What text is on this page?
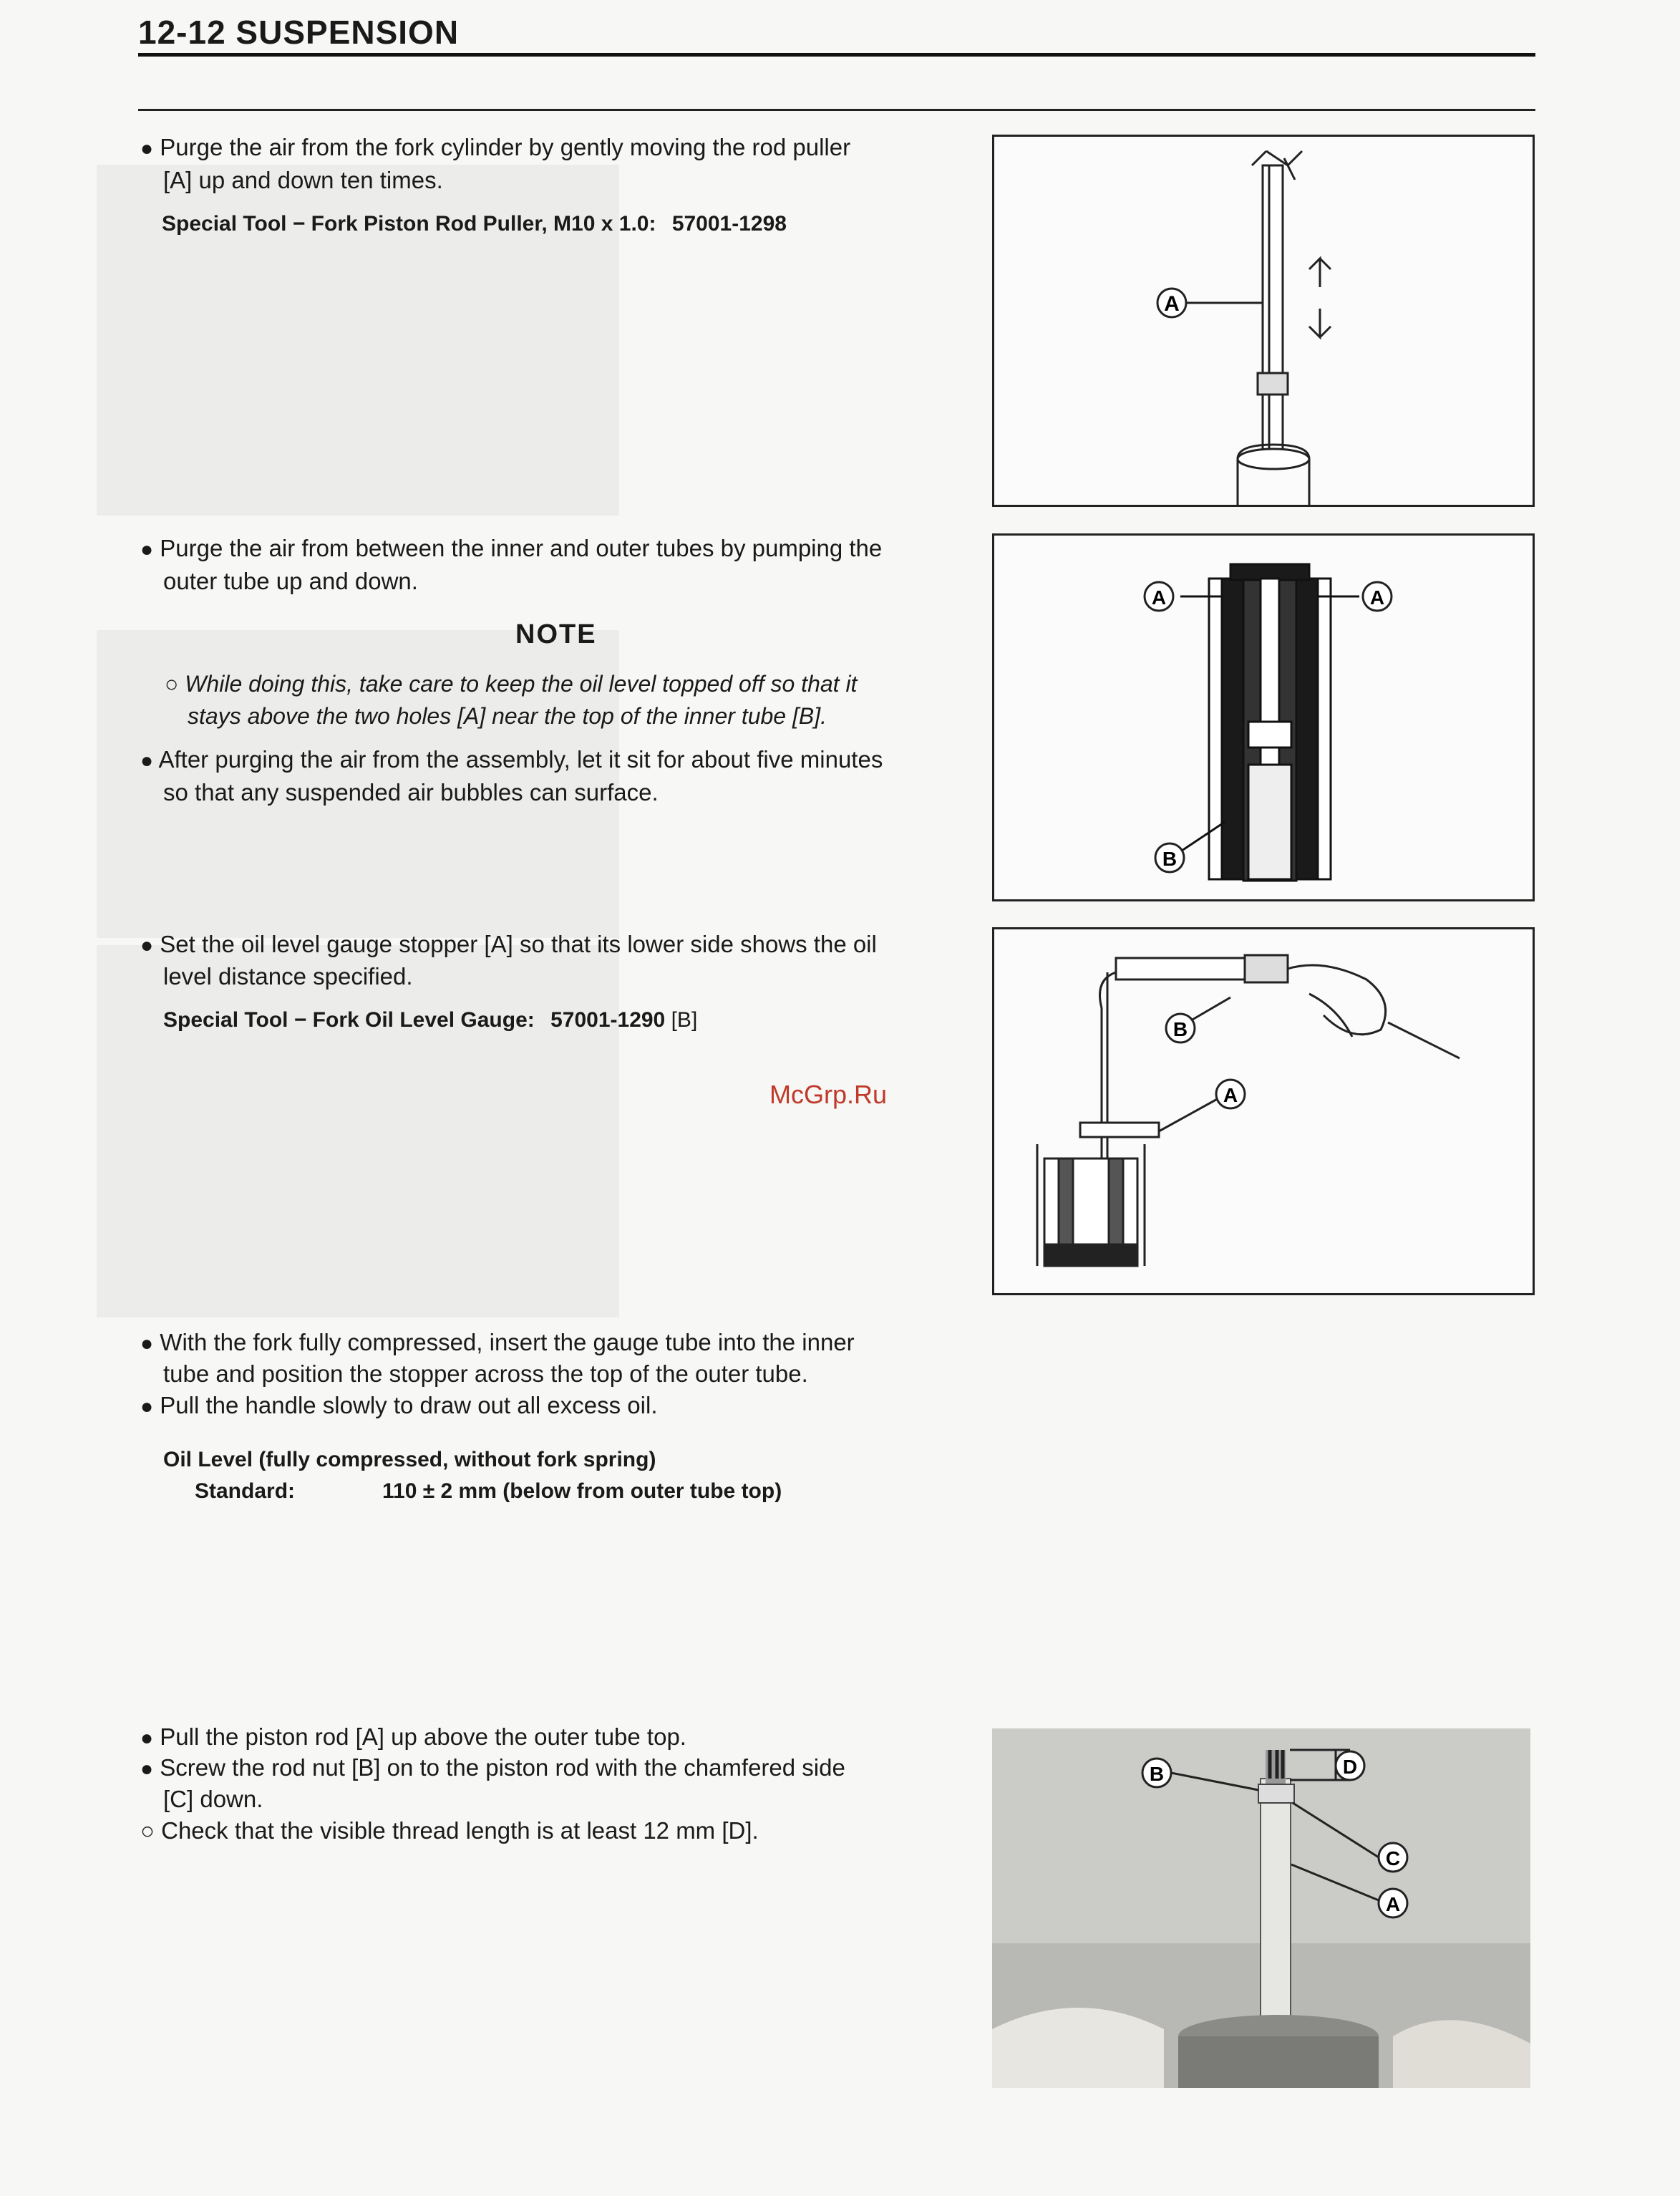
12-12 SUSPENSION
● Purge the air from the fork cylinder by gently moving the rod puller
[A] up and down ten times.
Special Tool − Fork Piston Rod Puller, M10 x 1.0: 57001-1298
A
● Purge the air from between the inner and outer tubes by pumping the
outer tube up and down.
NOTE
○ While doing this, take care to keep the oil level topped off so that it
stays above the two holes [A] near the top of the inner tube [B].
● After purging the air from the assembly, let it sit for about five minutes
so that any suspended air bubbles can surface.
A	A
B
● Set the oil level gauge stopper [A] so that its lower side shows the oil
level distance specified.
Special Tool − Fork Oil Level Gauge: 57001-1290 [B]
McGrp.Ru	A
B
● With the fork fully compressed, insert the gauge tube into the inner
tube and position the stopper across the top of the outer tube.
● Pull the handle slowly to draw out all excess oil.
Oil Level (fully compressed, without fork spring)
Standard:	110 ± 2 mm (below from outer tube top)
● Pull the piston rod [A] up above the outer tube top.
● Screw the rod nut [B] on to the piston rod with the chamfered side
[C] down.
○ Check that the visible thread length is at least 12 mm [D].
B	D
C
A
